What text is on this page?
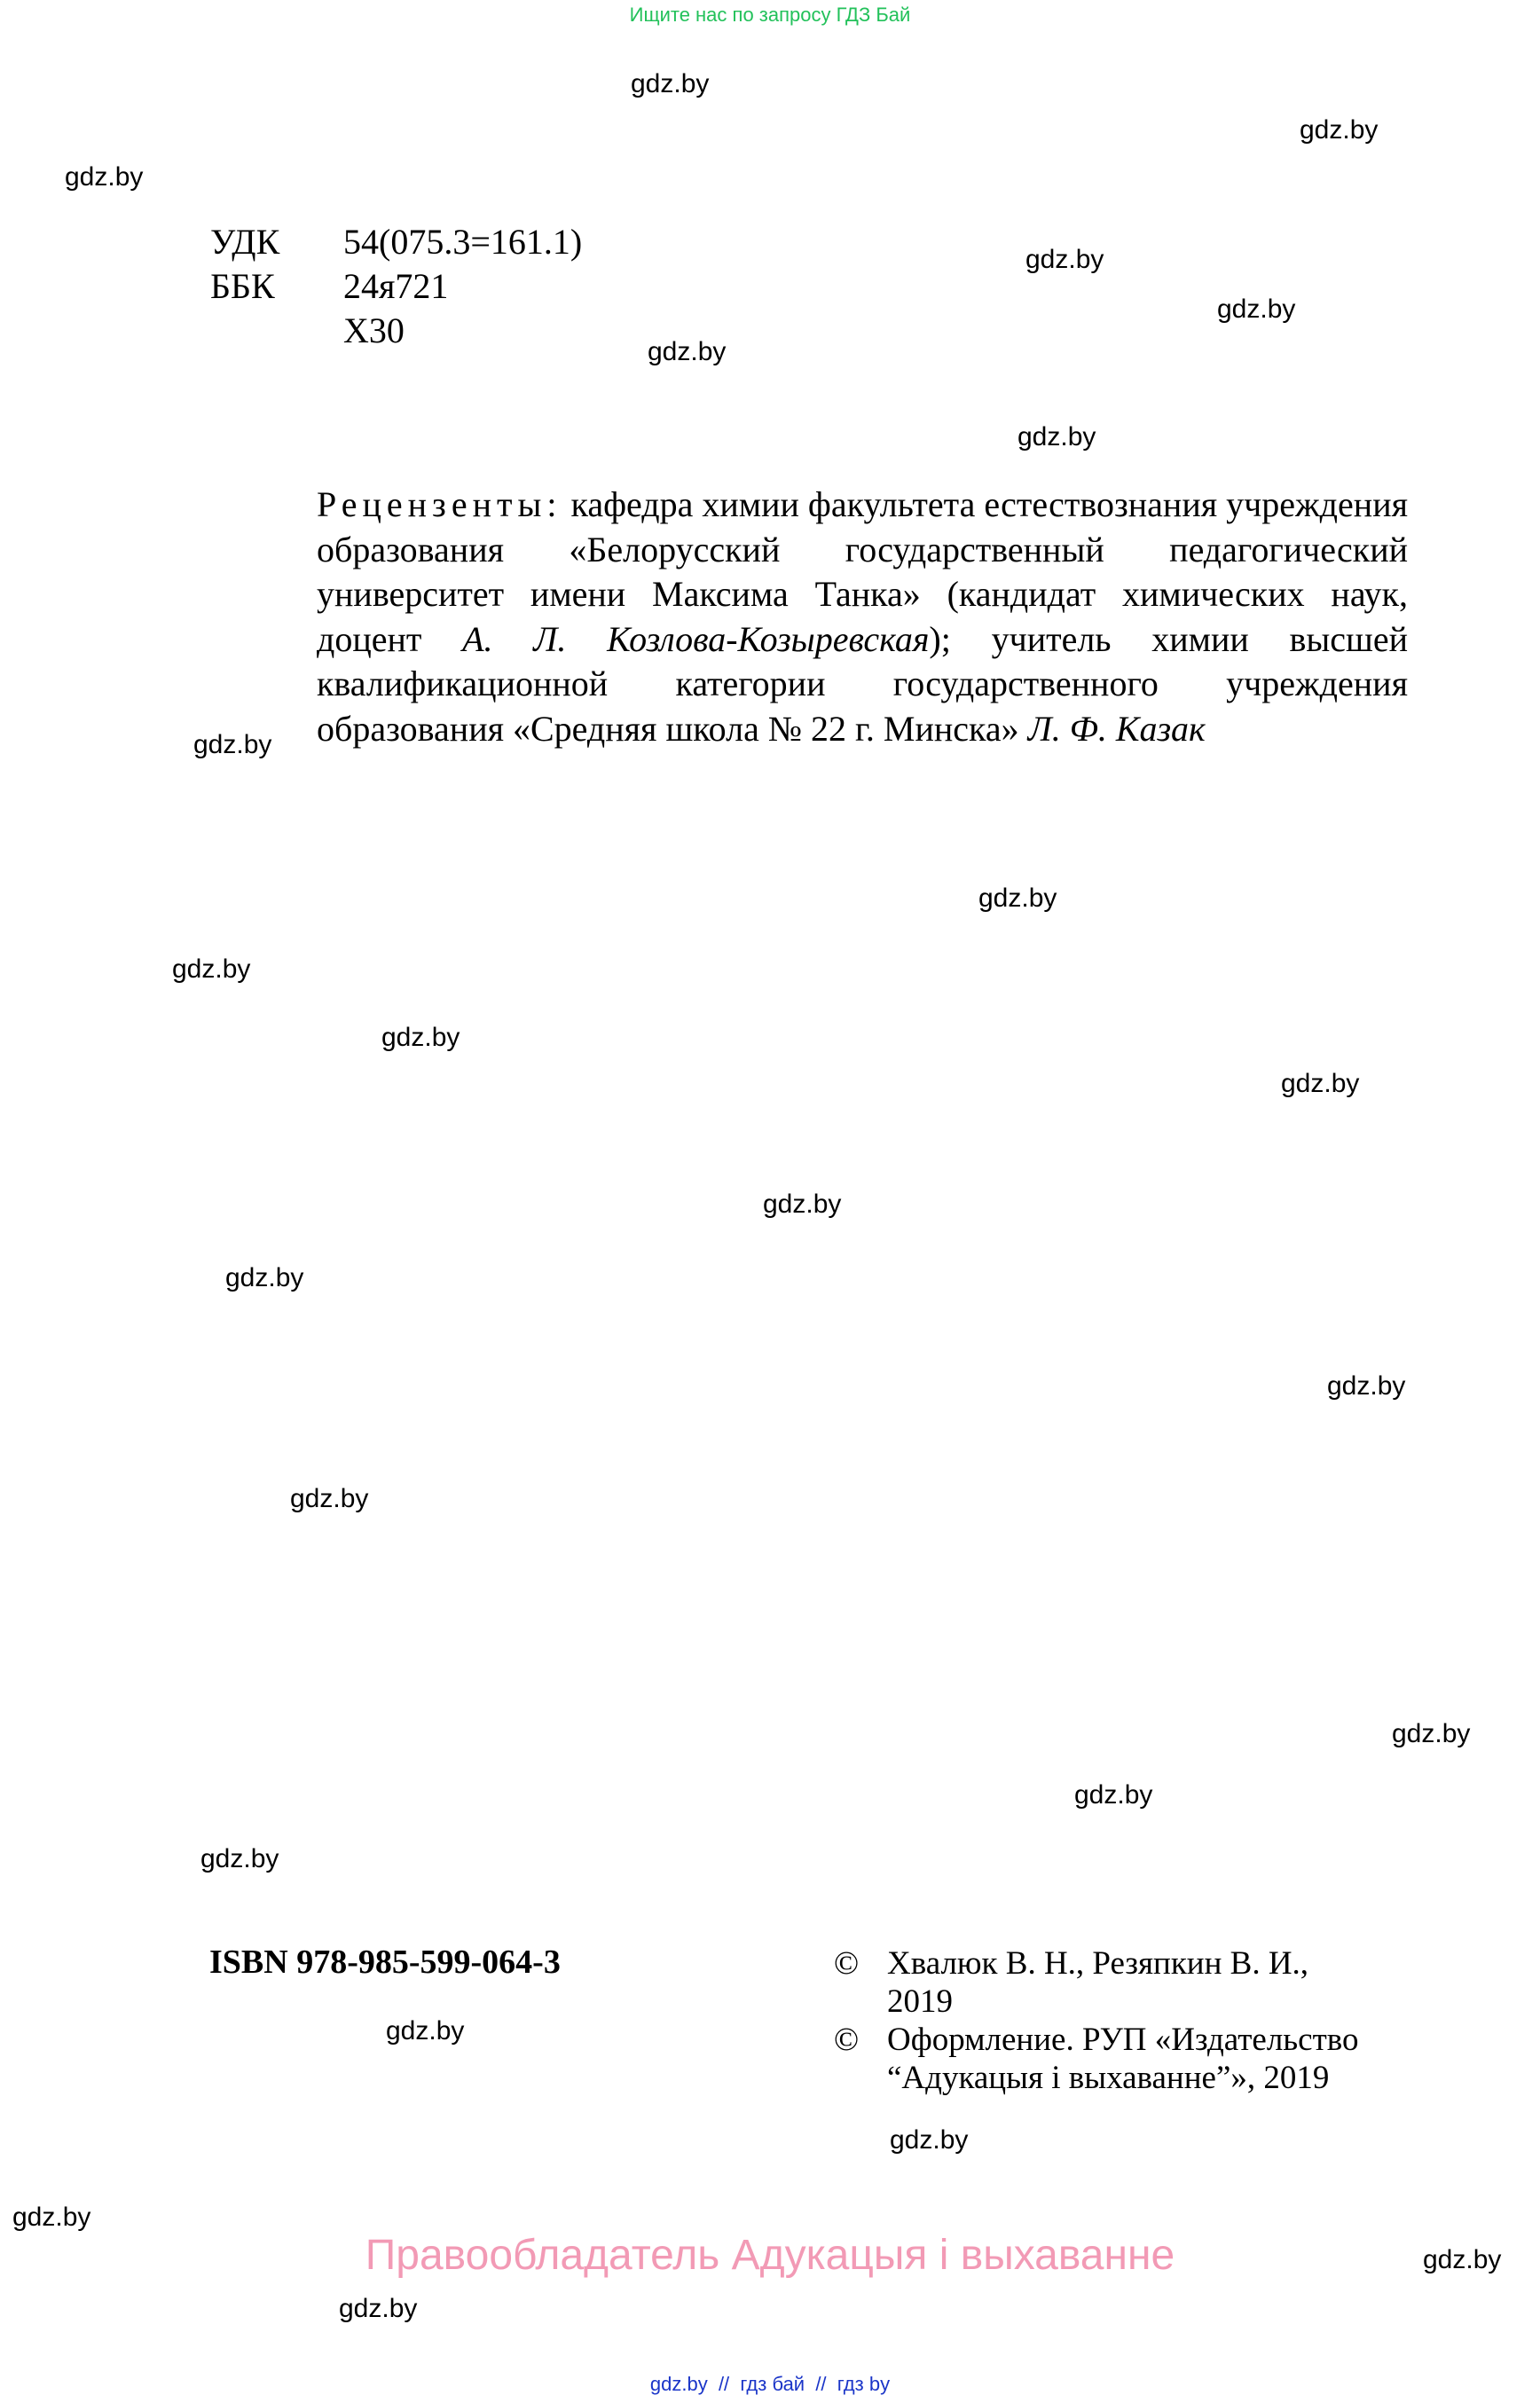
Ищите нас по запросу ГДЗ Бай
gdz.by
gdz.by
gdz.by
gdz.by
gdz.by
gdz.by
gdz.by
gdz.by
gdz.by
gdz.by
gdz.by
gdz.by
gdz.by
gdz.by
gdz.by
gdz.by
gdz.by
gdz.by
gdz.by
gdz.by
gdz.by
gdz.by
gdz.by
gdz.by
УДК 54(075.3=161.1)
ББК 24я721
Х30
Рецензенты: кафедра химии факультета естествознания учреждения образования «Белорусский государственный педагогический университет имени Максима Танка» (кандидат химических наук, доцент А. Л. Козлова-Козыревская); учитель химии высшей квалификационной категории государственного учреждения образования «Средняя школа № 22 г. Минска» Л. Ф. Казак
ISBN 978-985-599-064-3	© Хвалюк В. Н., Резяпкин В. И.,
2019
© Оформление. РУП «Издательство
“Адукацыя і выхаванне”», 2019
Правообладатель Адукацыя і выхаванне
gdz.by  //  гдз бай  //  гдз by
